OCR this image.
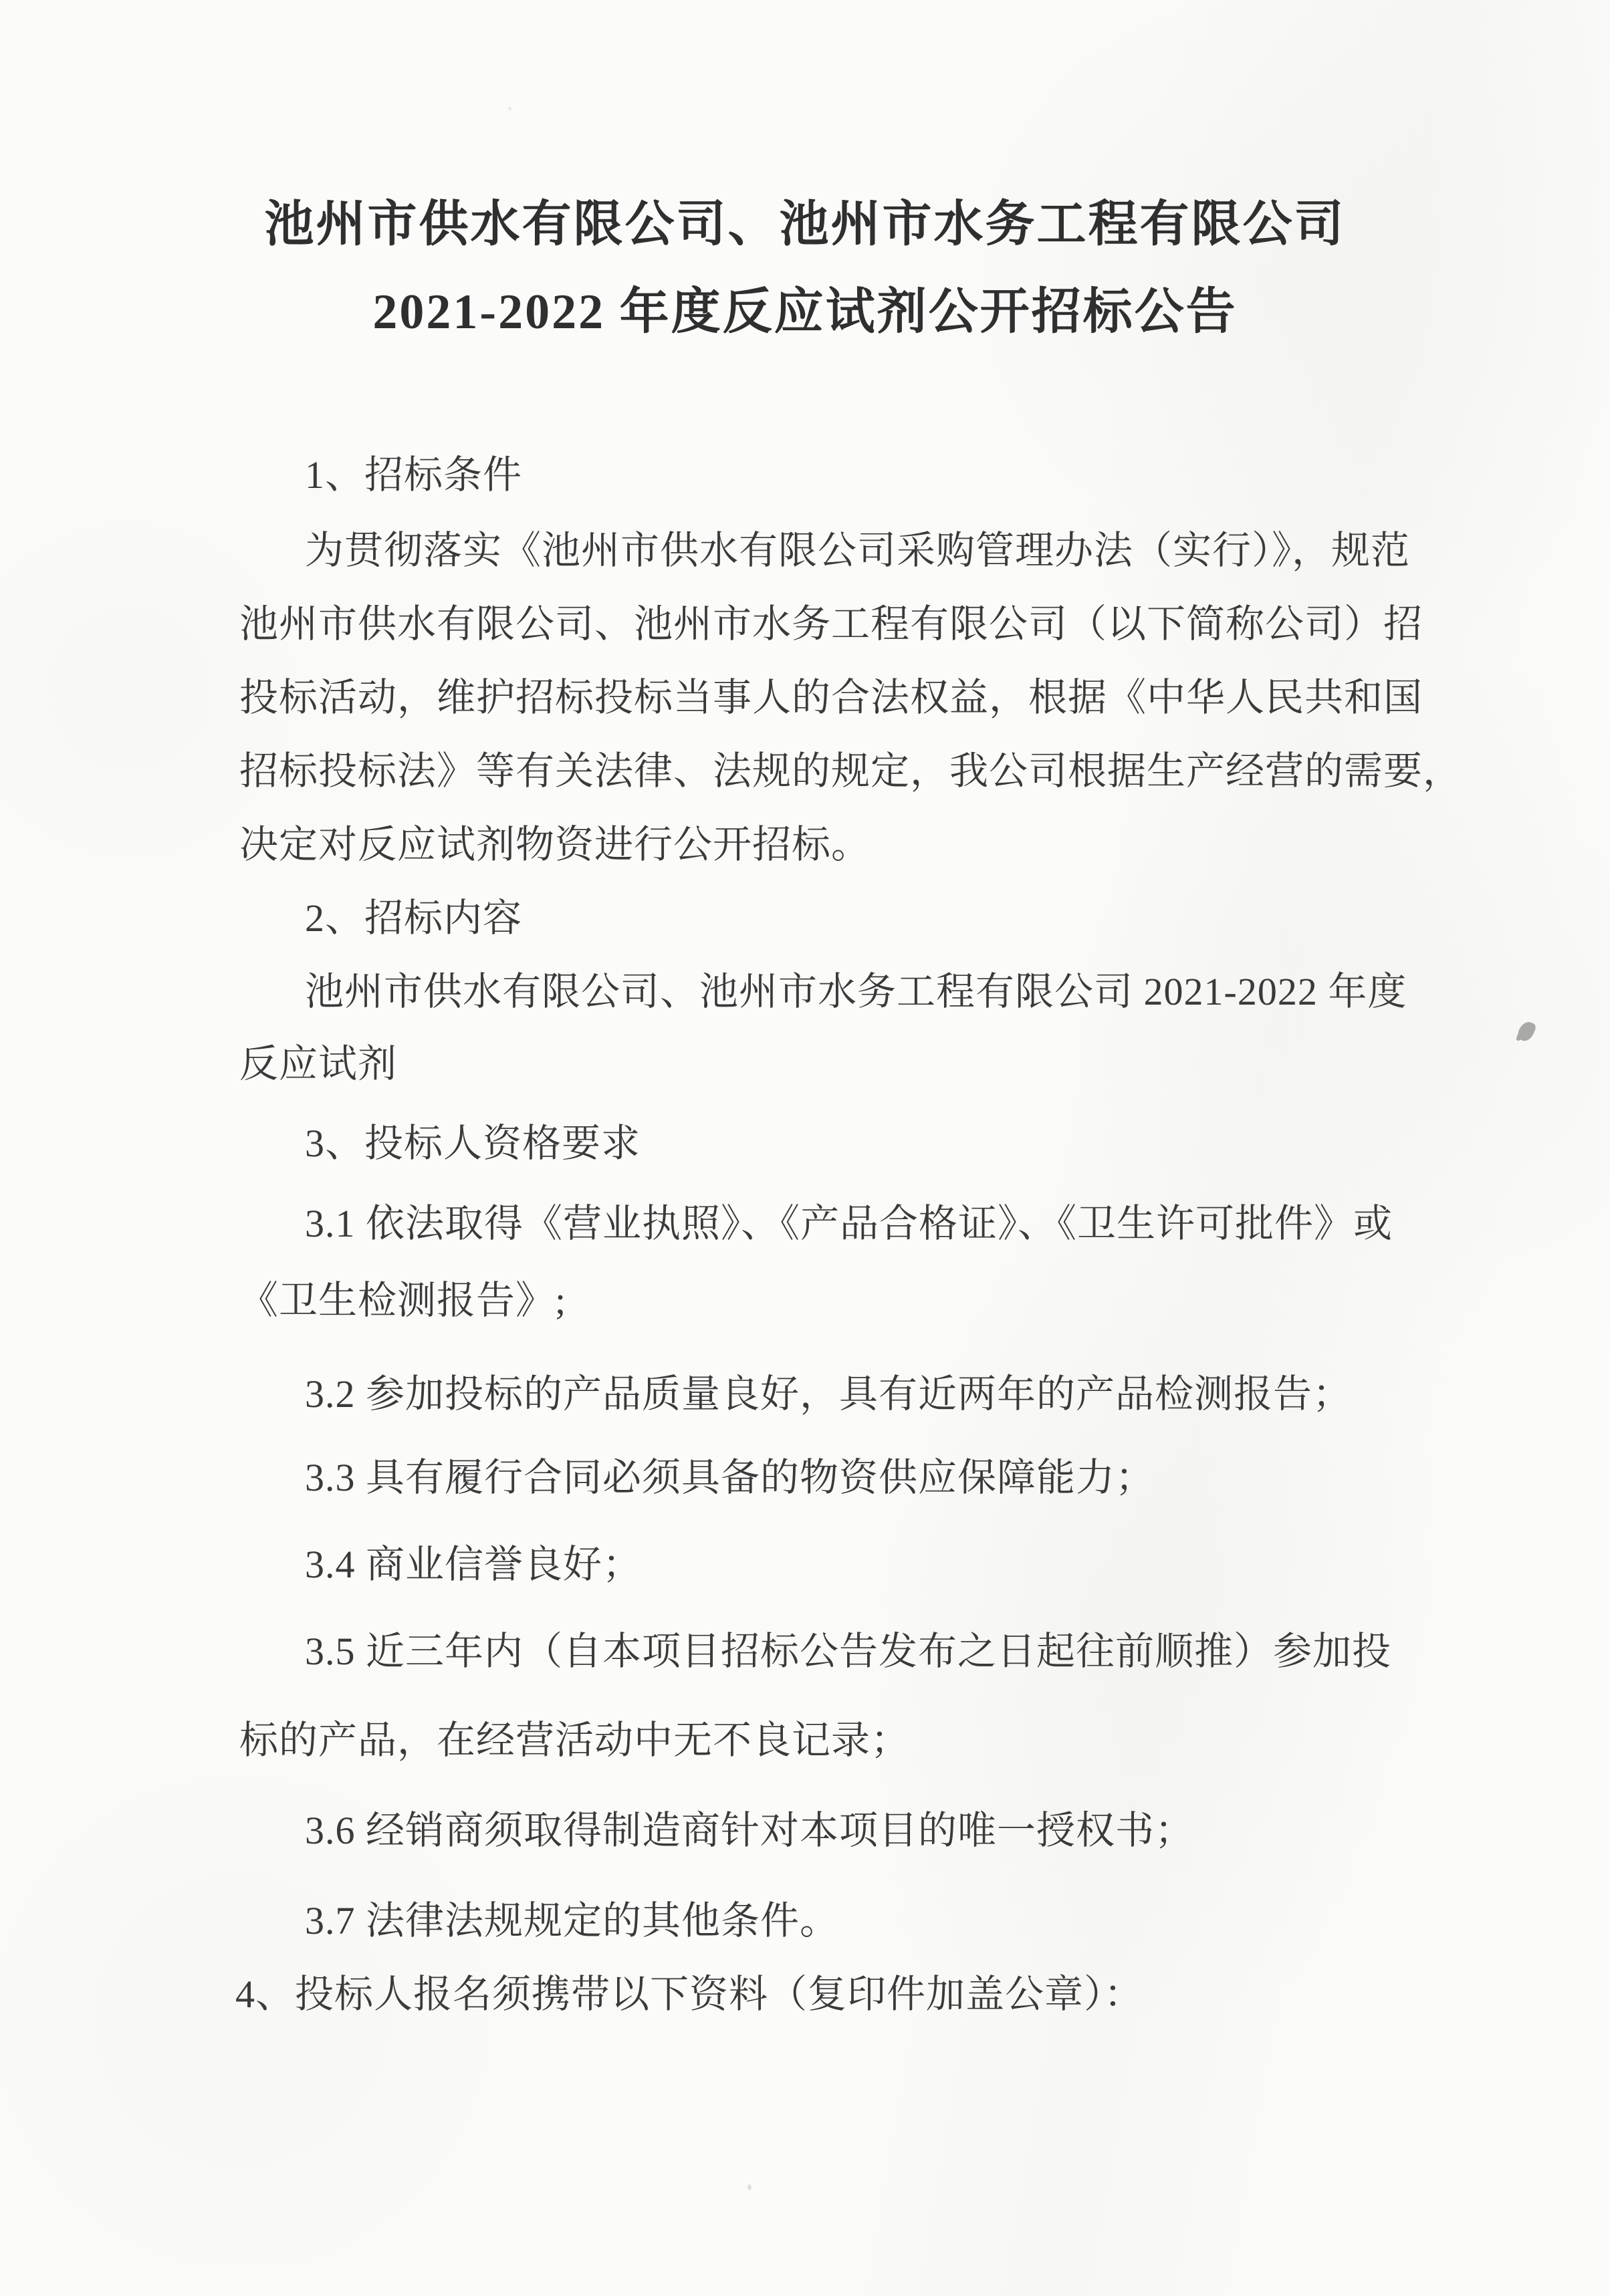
池州市供水有限公司、池州市水务工程有限公司
2021-2022 年度反应试剂公开招标公告
1、招标条件
为贯彻落实《池州市供水有限公司采购管理办法（实行）》，规范
池州市供水有限公司、池州市水务工程有限公司（以下简称公司）招
投标活动，维护招标投标当事人的合法权益，根据《中华人民共和国
招标投标法》等有关法律、法规的规定，我公司根据生产经营的需要，
决定对反应试剂物资进行公开招标。
2、招标内容
池州市供水有限公司、池州市水务工程有限公司 2021-2022 年度
反应试剂
3、投标人资格要求
3.1 依法取得《营业执照》、《产品合格证》、《卫生许可批件》或
《卫生检测报告》;
3.2 参加投标的产品质量良好，具有近两年的产品检测报告；
3.3 具有履行合同必须具备的物资供应保障能力；
3.4 商业信誉良好；
3.5 近三年内（自本项目招标公告发布之日起往前顺推）参加投
标的产品，在经营活动中无不良记录；
3.6 经销商须取得制造商针对本项目的唯一授权书；
3.7 法律法规规定的其他条件。
4、投标人报名须携带以下资料（复印件加盖公章）：
